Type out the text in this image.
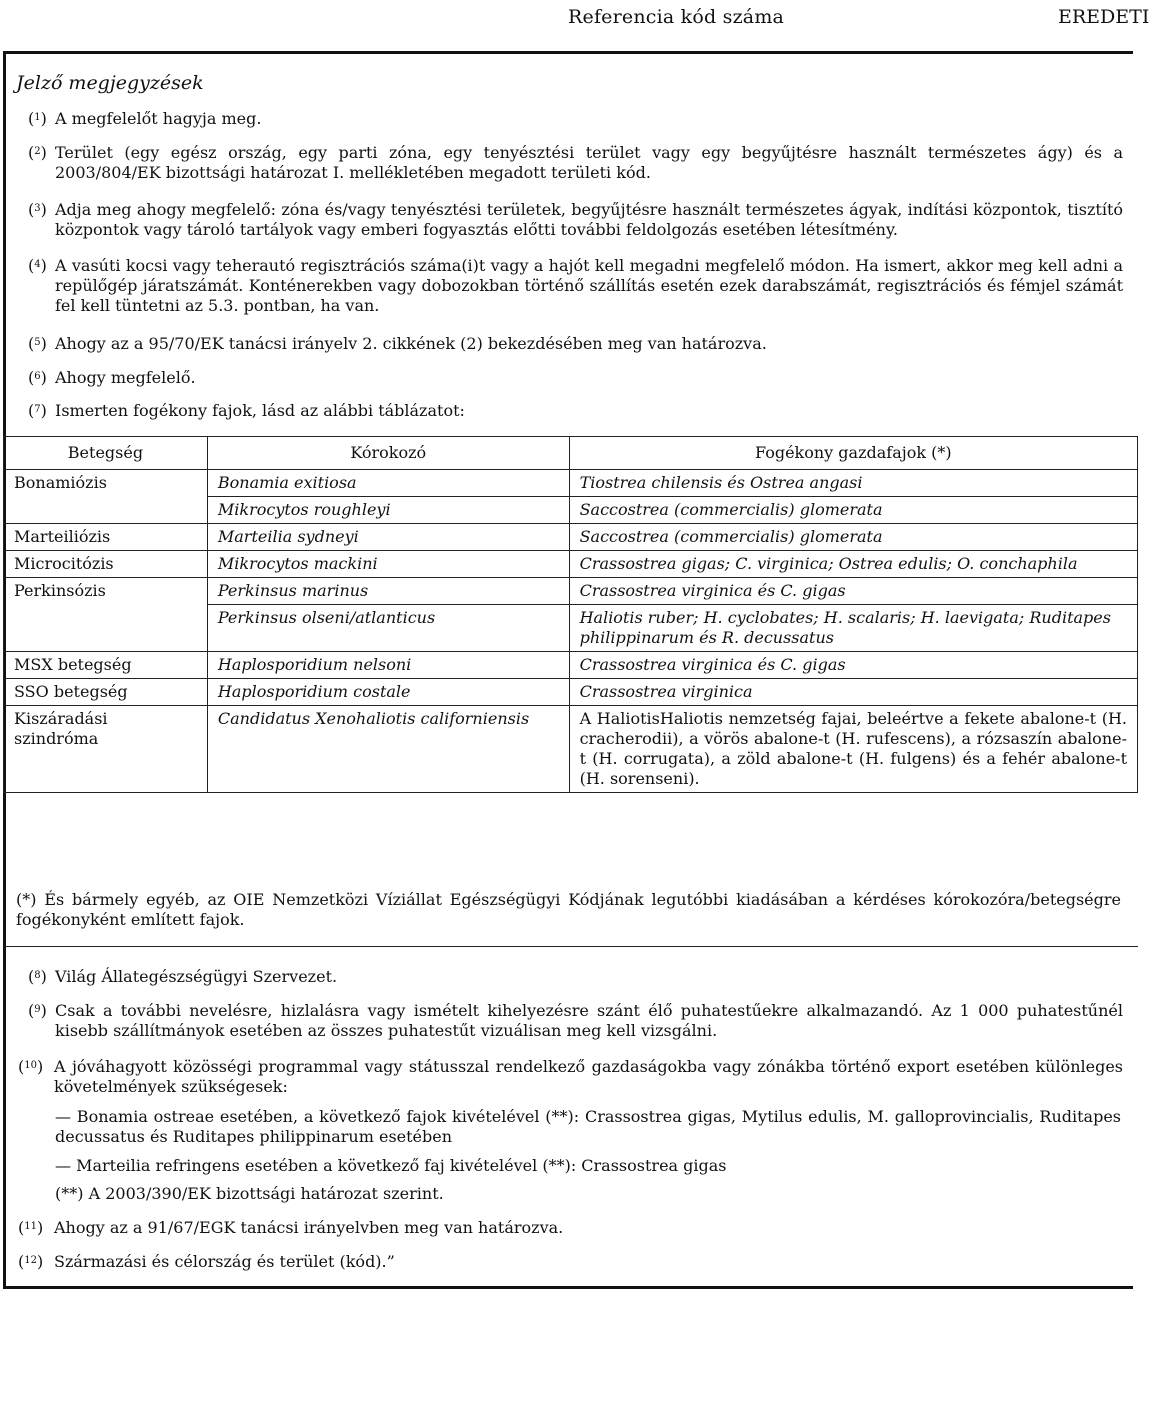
Referencia kód száma	EREDETI
Jelző megjegyzések
($^1$) A megfelelőt hagyja meg.
($^2$) Terület (egy egész ország, egy parti zóna, egy tenyésztési terület vagy egy begyűjtésre használt természetes ágy) és a 2003/804/EK bizottsági határozat I. mellékletében megadott területi kód.
($^3$) Adja meg ahogy megfelelő: zóna és/vagy tenyésztési területek, begyűjtésre használt természetes ágyak, indítási központok, tisztító központok vagy tároló tartályok vagy emberi fogyasztás előtti további feldolgozás esetében létesítmény.
($^4$) A vasúti kocsi vagy teherautó regisztrációs száma(i)t vagy a hajót kell megadni megfelelő módon. Ha ismert, akkor meg kell adni a repülőgép járatszámát. Konténerekben vagy dobozokban történő szállítás esetén ezek darabszámát, regisztrációs és fémjel számát fel kell tüntetni az 5.3. pontban, ha van.
($^5$) Ahogy az a 95/70/EK tanácsi irányelv 2. cikkének (2) bekezdésében meg van határozva.
($^6$) Ahogy megfelelő.
($^7$) Ismerten fogékony fajok, lásd az alábbi táblázatot:
Betegség	Kórokozó	Fogékony gazdafajok (*)
Bonamiózis	Bonamia exitiosa	Tiostrea chilensis és Ostrea angasi
	Mikrocytos roughleyi	Saccostrea (commercialis) glomerata
Marteiliózis	Marteilia sydneyi	Saccostrea (commercialis) glomerata
Microcitózis	Mikrocytos mackini	Crassostrea gigas; C. virginica; Ostrea edulis; O. conchaphila
Perkinsózis	Perkinsus marinus	Crassostrea virginica és C. gigas
	Perkinsus olseni/atlanticus	Haliotis ruber; H. cyclobates; H. scalaris; H. laevigata; Ruditapes philippinarum és R. decussatus
MSX betegség	Haplosporidium nelsoni	Crassostrea virginica és C. gigas
SSO betegség	Haplosporidium costale	Crassostrea virginica
Kiszáradási szindróma	Candidatus Xenohaliotis californiensis	A HaliotisHaliotis nemzetség fajai, beleértve a fekete abalone-t (H. cracherodii), a vörös abalone-t (H. rufescens), a rózsaszín abalone-t (H. corrugata), a zöld abalone-t (H. fulgens) és a fehér abalone-t (H. sorenseni).
(*) És bármely egyéb, az OIE Nemzetközi Víziállat Egészségügyi Kódjának legutóbbi kiadásában a kérdéses kórokozóra/betegségre fogékonyként említett fajok.
($^8$) Világ Állategészségügyi Szervezet.
($^9$) Csak a további nevelésre, hizlalásra vagy ismételt kihelyezésre szánt élő puhatestűekre alkalmazandó. Az 1 000 puhatestűnél kisebb szállítmányok esetében az összes puhatestűt vizuálisan meg kell vizsgálni.
($^{10}$) A jóváhagyott közösségi programmal vagy státusszal rendelkező gazdaságokba vagy zónákba történő export esetében különleges követelmények szükségesek:
— Bonamia ostreae esetében, a következő fajok kivételével (**): Crassostrea gigas, Mytilus edulis, M. galloprovincialis, Ruditapes decussatus és Ruditapes philippinarum esetében
— Marteilia refringens esetében a következő faj kivételével (**): Crassostrea gigas
(**) A 2003/390/EK bizottsági határozat szerint.
($^{11}$) Ahogy az a 91/67/EGK tanácsi irányelvben meg van határozva.
($^{12}$) Származási és célország és terület (kód).”
